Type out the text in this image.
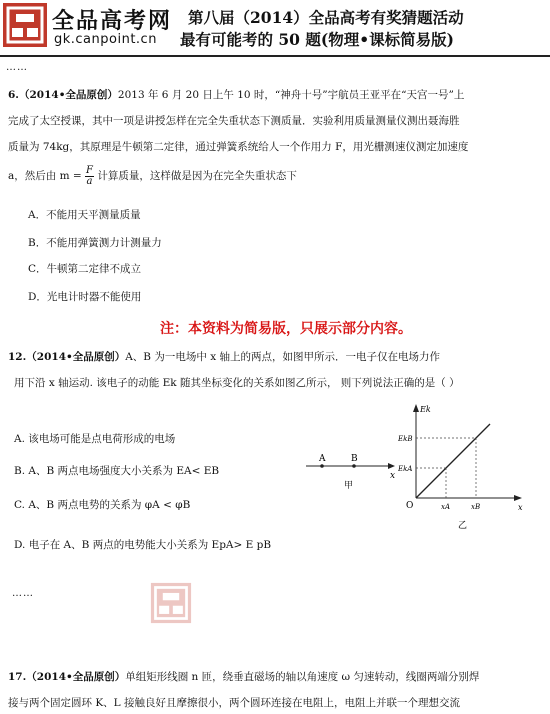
全品高考网
gk.canpoint.cn
第八届（2014）全品高考有奖猜题活动
最有可能考的 50 题(物理•课标简易版)
……
6.（2014•全品原创）2013 年 6 月 20 日上午 10 时，“神舟十号”宇航员王亚平在“天宫一号”上
完成了太空授课，其中一项是讲授怎样在完全失重状态下测质量．实验利用质量测量仪测出聂海胜
质量为 74kg，其原理是牛顿第二定律，通过弹簧系统给人一个作用力 F，用光栅测速仪测定加速度
a，然后由 $m = \frac{F}{a}$ 计算质量，这样做是因为在完全失重状态下
A．不能用天平测量质量
B．不能用弹簧测力计测量力
C．牛顿第二定律不成立
D．光电计时器不能使用
注：本资料为简易版，只展示部分内容。
12.（2014•全品原创）A、B 为一电场中 x 轴上的两点，如图甲所示．一电子仅在电场力作
用下沿 x 轴运动. 该电子的动能 Ek 随其坐标变化的关系如图乙所示， 则下列说法正确的是（ ）
A. 该电场可能是点电荷形成的电场
B. A、B 两点电场强度大小关系为 EA< EB
C. A、B 两点电势的关系为 φA < φB
D. 电子在 A、B 两点的电势能大小关系为 EpA> E pB
A	B
x
甲
Ek
x
O
EkB
EkA
xA	xB
乙
……
17.（2014•全品原创）单组矩形线圈 n 匝，绕垂直磁场的轴以角速度 ω 匀速转动，线圈两端分别焊
接与两个固定圆环 K、L 接触良好且摩擦很小，两个圆环连接在电阻上，电阻上并联一个理想交流
